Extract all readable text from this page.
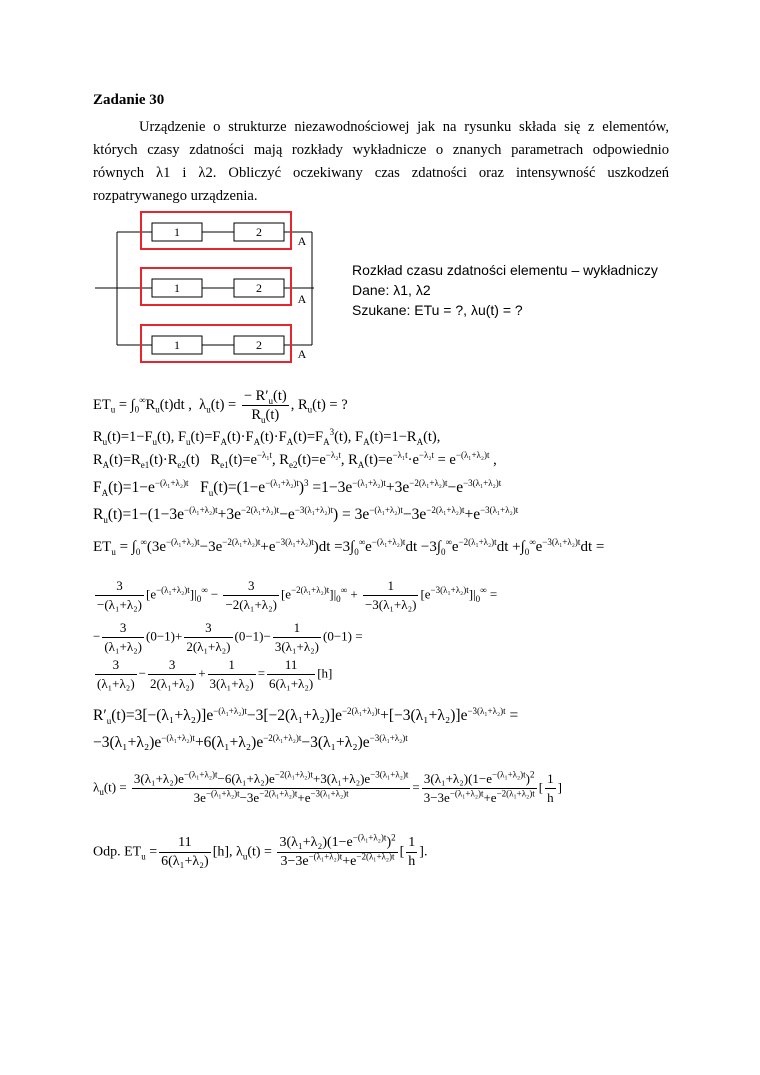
Zadanie 30
Urządzenie o strukturze niezawodnościowej jak na rysunku składa się z elementów, których czasy zdatności mają rozkłady wykładnicze o znanych parametrach odpowiednio równych λ1 i λ2. Obliczyć oczekiwany czas zdatności oraz intensywność uszkodzeń rozpatrywanego urządzenia.
1	2
1	2
1	2
A
A
A
Rozkład czasu zdatności elementu – wykładniczy
Dane: λ1, λ2
Szukane: ETu = ?, λu(t) = ?
$ET_u = \int_0^\infty R_u(t)dt$ ,  $\lambda_u(t) = \frac{- R'_u(t)}{R_u(t)}$ , $R_u(t)$ = ?
$R_u(t)=1-F_u(t)$, $F_u(t)=F_A(t)\cdot F_A(t)\cdot F_A(t)=F_A^3(t)$, $F_A(t)=1-R_A(t)$,
$R_A(t)=R_{e1}(t)\cdot R_{e2}(t)$   $R_{e1}(t)=e^{-\lambda_1t}$, $R_{e2}(t)=e^{-\lambda_2t}$, $R_A(t)=e^{-\lambda_1t}\cdot e^{-\lambda_2t} = e^{-(\lambda_1+\lambda_2)t}$ ,
$F_A(t)=1-e^{-(\lambda_1+\lambda_2)t}$   $F_u(t)=(1-e^{-(\lambda_1+\lambda_2)t})^3 =1-3e^{-(\lambda_1+\lambda_2)t}+3e^{-2(\lambda_1+\lambda_2)t}-e^{-3(\lambda_1+\lambda_2)t}$
$R_u(t)=1-(1-3e^{-(\lambda_1+\lambda_2)t}+3e^{-2(\lambda_1+\lambda_2)t}-e^{-3(\lambda_1+\lambda_2)t}) = 3e^{-(\lambda_1+\lambda_2)t}-3e^{-2(\lambda_1+\lambda_2)t}+e^{-3(\lambda_1+\lambda_2)t}$
$ET_u = \int_0^\infty(3e^{-(\lambda_1+\lambda_2)t}-3e^{-2(\lambda_1+\lambda_2)t}+e^{-3(\lambda_1+\lambda_2)t})dt =3\int_0^\infty e^{-(\lambda_1+\lambda_2)t}dt -3\int_0^\infty e^{-2(\lambda_1+\lambda_2)t}dt +\int_0^\infty e^{-3(\lambda_1+\lambda_2)t}dt$ =
$\frac{3}{\text{−(λ₁+λ₂)}} [e^{-(\lambda_1+\lambda_2)t}]|_0^\infty - \frac{3}{\text{−2(λ₁+λ₂)}} [e^{-2(\lambda_1+\lambda_2)t}]|_0^\infty + \frac{1}{\text{−3(λ₁+λ₂)}} [e^{-3(\lambda_1+\lambda_2)t}]|_0^\infty$ =
− $\frac{3}{\text{(λ₁+λ₂)}} (0-1)+ \frac{3}{\text{2(λ₁+λ₂)}} (0-1)- \frac{1}{\text{3(λ₁+λ₂)}} (0-1)$ =
$\frac{3}{\text{(λ₁+λ₂)}} - \frac{3}{\text{2(λ₁+λ₂)}} + \frac{1}{\text{3(λ₁+λ₂)}} = \frac{11}{\text{6(λ₁+λ₂)}} [h]$
$R'_u(t)=3[-(\lambda_1+\lambda_2)]e^{-(\lambda_1+\lambda_2)t}-3[-2(\lambda_1+\lambda_2)]e^{-2(\lambda_1+\lambda_2)t}+[-3(\lambda_1+\lambda_2)]e^{-3(\lambda_1+\lambda_2)t}$ =
$-3(\lambda_1+\lambda_2)e^{-(\lambda_1+\lambda_2)t}+6(\lambda_1+\lambda_2)e^{-2(\lambda_1+\lambda_2)t}-3(\lambda_1+\lambda_2)e^{-3(\lambda_1+\lambda_2)t}$
$\lambda_u(t) = \frac{3(\lambda_1+\lambda_2)e^{-(\lambda_1+\lambda_2)t}-6(\lambda_1+\lambda_2)e^{-2(\lambda_1+\lambda_2)t}+3(\lambda_1+\lambda_2)e^{-3(\lambda_1+\lambda_2)t}}{3e^{-(\lambda_1+\lambda_2)t}-3e^{-2(\lambda_1+\lambda_2)t}+e^{-3(\lambda_1+\lambda_2)t}} = \frac{3(\lambda_1+\lambda_2)(1-e^{-(\lambda_1+\lambda_2)t})^2}{3-3e^{-(\lambda_1+\lambda_2)t}+e^{-2(\lambda_1+\lambda_2)t}}$ [ $\frac{1}{h}$ ]
Odp. $ET_u = \frac{11}{\text{6(λ₁+λ₂)}} [h]$, $\lambda_u(t) = \frac{3(\lambda_1+\lambda_2)(1-e^{-(\lambda_1+\lambda_2)t})^2}{3-3e^{-(\lambda_1+\lambda_2)t}+e^{-2(\lambda_1+\lambda_2)t}}$ [ $\frac{1}{h}$ ].
